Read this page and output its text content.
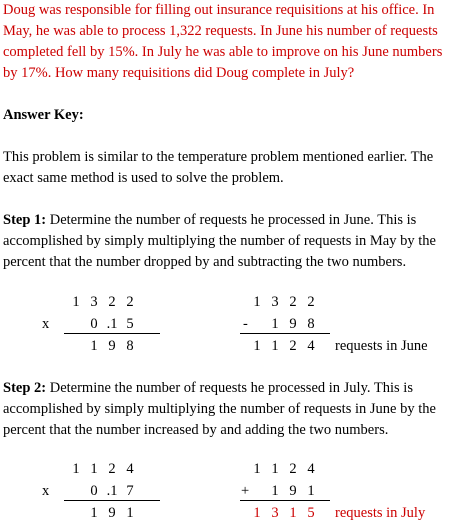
Doug was responsible for filling out insurance requisitions at his office. In May, he was able to process 1,322 requests. In June his number of requests completed fell by 15%. In July he was able to improve on his June numbers by 17%. How many requisitions did Doug complete in July?

Answer Key:

This problem is similar to the temperature problem mentioned earlier. The exact same method is used to solve the problem.

Step 1: Determine the number of requests he processed in June. This is accomplished by simply multiplying the number of requests in May by the percent that the number dropped by and subtracting the two numbers.

1 3 2 2
x	0 .1 5
1 9 8
1 3 2 2
-	1 9 8
1 1 2 4	requests in June

Step 2: Determine the number of requests he processed in July. This is accomplished by simply multiplying the number of requests in June by the percent that the number increased by and adding the two numbers.

1 1 2 4
x	0 .1 7
1 9 1
1 1 2 4
+	1 9 1
1 3 1 5	requests in July
